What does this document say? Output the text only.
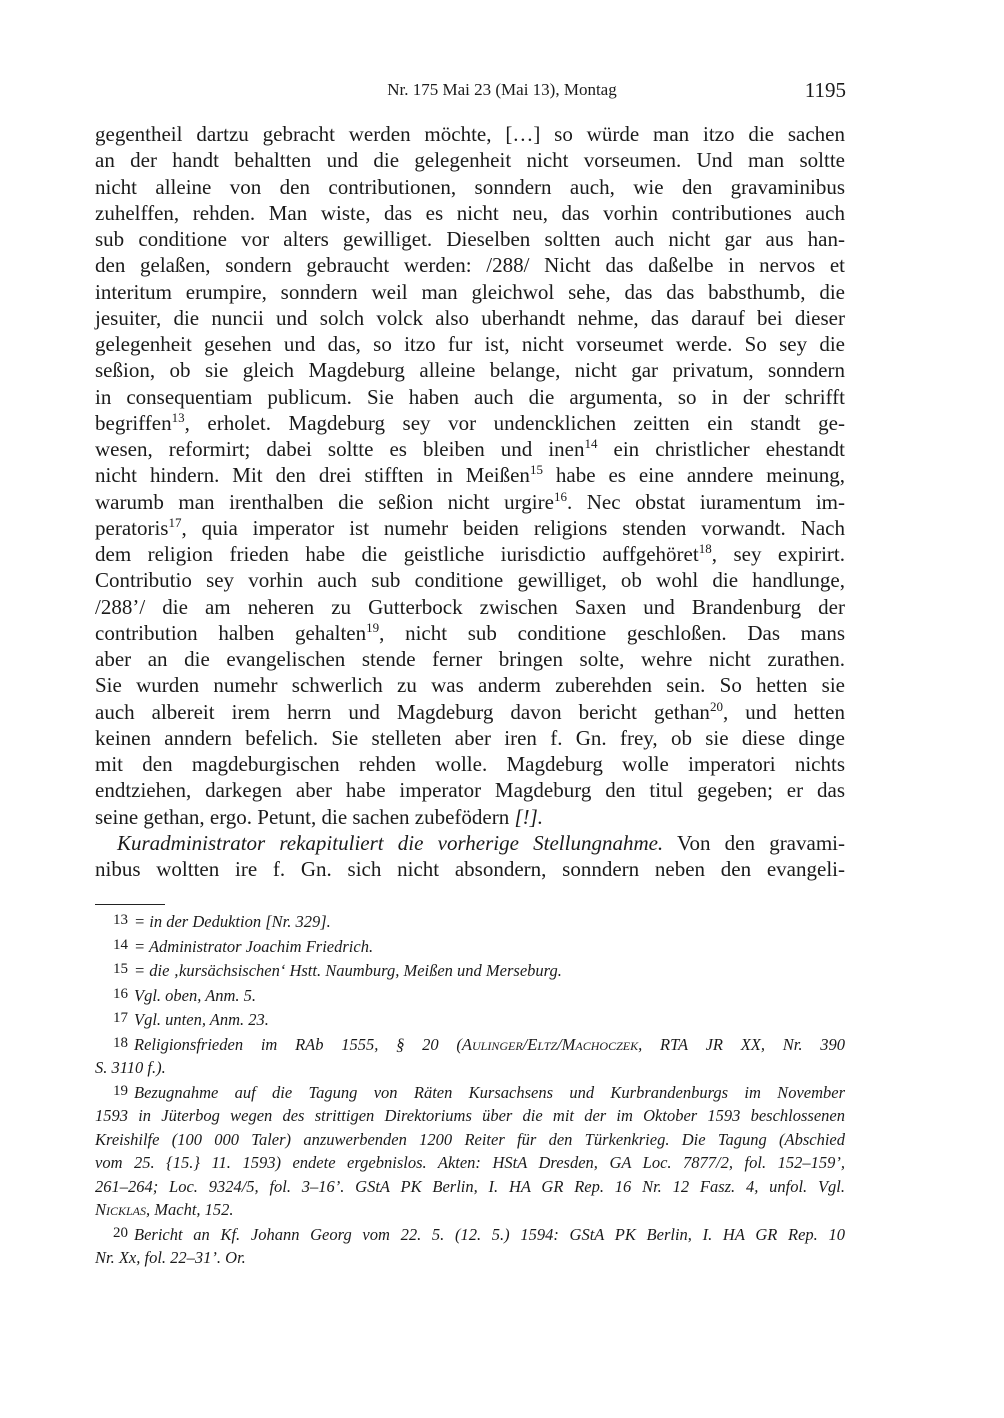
Nr. 175 Mai 23 (Mai 13), Montag	1195
gegentheil dartzu gebracht werden möchte, […] so würde man itzo die sachen
an der handt behaltten und die gelegenheit nicht vorseumen. Und man soltte
nicht alleine von den contributionen, sonndern auch, wie den gravaminibus
zuhelffen, rehden. Man wiste, das es nicht neu, das vorhin contributiones auch
sub conditione vor alters gewilliget. Dieselben soltten auch nicht gar aus han-
den gelaßen, sondern gebraucht werden: /288/ Nicht das daßelbe in nervos et
interitum erumpire, sonndern weil man gleichwol sehe, das das babsthumb, die
jesuiter, die nuncii und solch volck also uberhandt nehme, das darauf bei dieser
gelegenheit gesehen und das, so itzo fur ist, nicht vorseumet werde. So sey die
seßion, ob sie gleich Magdeburg alleine belange, nicht gar privatum, sonndern
in consequentiam publicum. Sie haben auch die argumenta, so in der schrifft
begriffen$^{13}$, erholet. Magdeburg sey vor undencklichen zeitten ein standt ge-
wesen, reformirt; dabei soltte es bleiben und inen$^{14}$ ein christlicher ehestandt
nicht hindern. Mit den drei stifften in Meißen$^{15}$ habe es eine anndere meinung,
warumb man irenthalben die seßion nicht urgire$^{16}$. Nec obstat iuramentum im-
peratoris$^{17}$, quia imperator ist numehr beiden religions stenden vorwandt. Nach
dem religion frieden habe die geistliche iurisdictio auffgehöret$^{18}$, sey expirirt.
Contributio sey vorhin auch sub conditione gewilliget, ob wohl die handlunge,
/288’/ die am neheren zu Gutterbock zwischen Saxen und Brandenburg der
contribution halben gehalten$^{19}$, nicht sub conditione geschloßen. Das mans
aber an die evangelischen stende ferner bringen solte, wehre nicht zurathen.
Sie wurden numehr schwerlich zu was anderm zuberehden sein. So hetten sie
auch albereit irem herrn und Magdeburg davon bericht gethan$^{20}$, und hetten
keinen anndern befelich. Sie stelleten aber iren f. Gn. frey, ob sie diese dinge
mit den magdeburgischen rehden wolle. Magdeburg wolle imperatori nichts
endtziehen, darkegen aber habe imperator Magdeburg den titul gegeben; er das
seine gethan, ergo. Petunt, die sachen zubefödern [!].
Kuradministrator rekapituliert die vorherige Stellungnahme. Von den gravami-
nibus woltten ire f. Gn. sich nicht absondern, sonndern neben den evangeli-
13 = in der Deduktion [Nr. 329].
14 = Administrator Joachim Friedrich.
15 = die ‚kursächsischen‘ Hstt. Naumburg, Meißen und Merseburg.
16 Vgl. oben, Anm. 5.
17 Vgl. unten, Anm. 23.
18 Religionsfrieden im RAb 1555, § 20 (Aulinger/Eltz/Machoczek, RTA JR XX, Nr. 390
S. 3110 f.).
19 Bezugnahme auf die Tagung von Räten Kursachsens und Kurbrandenburgs im November
1593 in Jüterbog wegen des strittigen Direktoriums über die mit der im Oktober 1593 beschlossenen
Kreishilfe (100 000 Taler) anzuwerbenden 1200 Reiter für den Türkenkrieg. Die Tagung (Abschied
vom 25. {15.} 11. 1593) endete ergebnislos. Akten: HStA Dresden, GA Loc. 7877/2, fol. 152–159’,
261–264; Loc. 9324/5, fol. 3–16’. GStA PK Berlin, I. HA GR Rep. 16 Nr. 12 Fasz. 4, unfol. Vgl.
Nicklas, Macht, 152.
20 Bericht an Kf. Johann Georg vom 22. 5. (12. 5.) 1594: GStA PK Berlin, I. HA GR Rep. 10
Nr. Xx, fol. 22–31’. Or.
